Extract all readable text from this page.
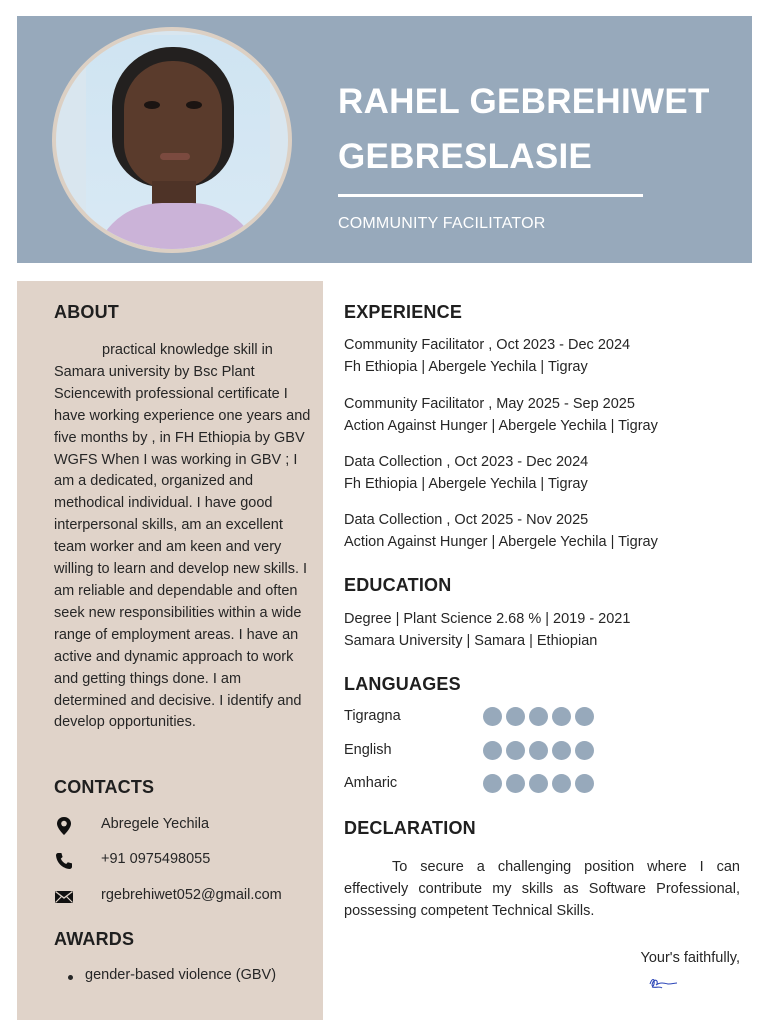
RAHEL GEBREHIWET
GEBRESLASIE
COMMUNITY FACILITATOR
ABOUT
practical knowledge skill in Samara university by Bsc Plant Sciencewith professional certificate I have working experience one years and five months by , in FH Ethiopia by GBV WGFS When I was working in GBV ; I am a dedicated, organized and methodical individual. I have good interpersonal skills, am an excellent team worker and am keen and very willing to learn and develop new skills. I am reliable and dependable and often seek new responsibilities within a wide range of employment areas. I have an active and dynamic approach to work and getting things done. I am determined and decisive. I identify and develop opportunities.
CONTACTS
Abregele Yechila
+91 0975498055
rgebrehiwet052@gmail.com
AWARDS
gender-based violence (GBV)
EXPERIENCE
Community Facilitator , Oct 2023 - Dec 2024
Fh Ethiopia | Abergele Yechila | Tigray
Community Facilitator , May 2025 - Sep 2025
Action Against Hunger | Abergele Yechila | Tigray
Data Collection , Oct 2023 - Dec 2024
Fh Ethiopia | Abergele Yechila | Tigray
Data Collection , Oct 2025 - Nov 2025
Action Against Hunger | Abergele Yechila | Tigray
EDUCATION
Degree | Plant Science 2.68 % | 2019 - 2021
Samara University | Samara | Ethiopian
LANGUAGES
Tigragna
English
Amharic
DECLARATION
To secure a challenging position where I can effectively contribute my skills as Software Professional, possessing competent Technical Skills.
Your's faithfully,
